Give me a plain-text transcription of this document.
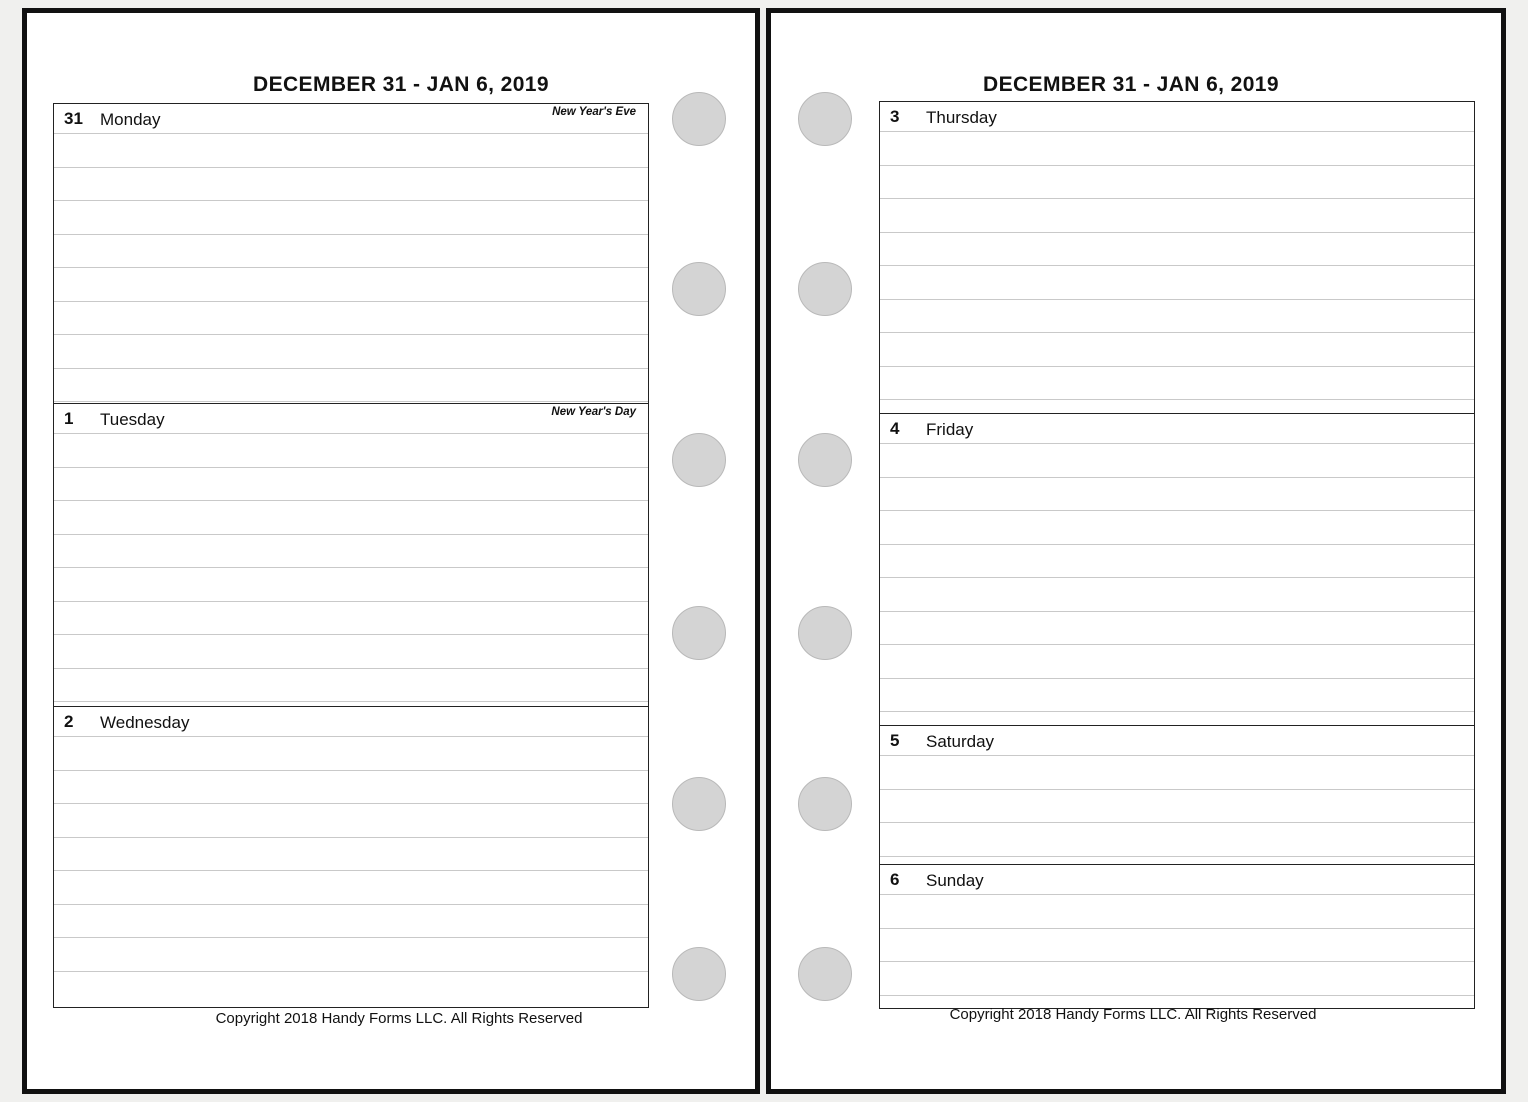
DECEMBER 31 - JAN 6, 2019
31 Monday	New Year's Eve
1 Tuesday	New Year's Day
2 Wednesday
Copyright 2018 Handy Forms LLC. All Rights Reserved
DECEMBER 31 - JAN 6, 2019
3 Thursday
4 Friday
5 Saturday
6 Sunday
Copyright 2018 Handy Forms LLC. All Rights Reserved
